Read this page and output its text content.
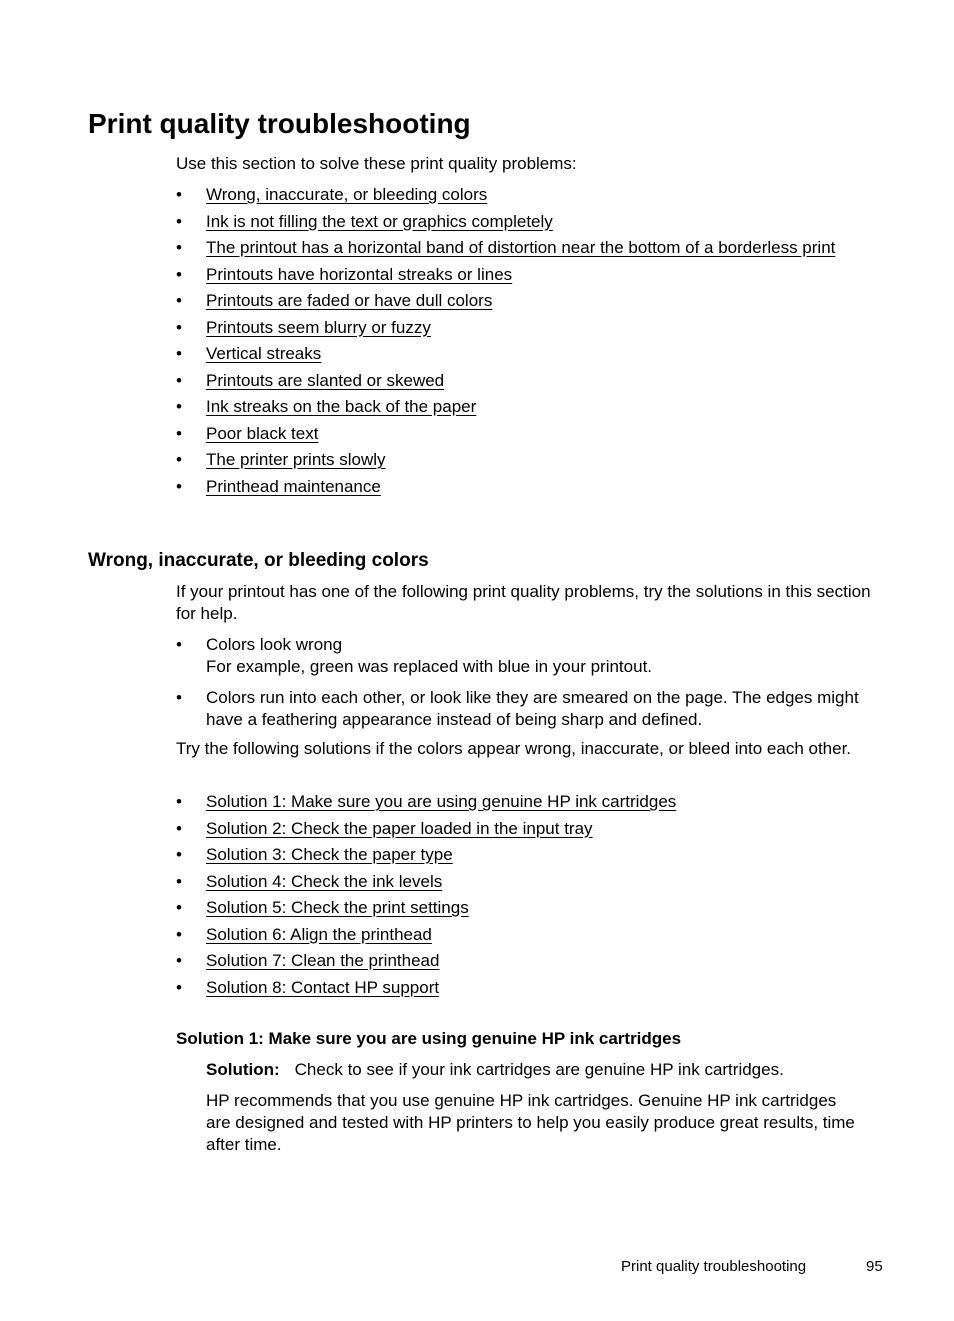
Print quality troubleshooting

Use this section to solve these print quality problems:

• Wrong, inaccurate, or bleeding colors
• Ink is not filling the text or graphics completely
• The printout has a horizontal band of distortion near the bottom of a borderless print
• Printouts have horizontal streaks or lines
• Printouts are faded or have dull colors
• Printouts seem blurry or fuzzy
• Vertical streaks
• Printouts are slanted or skewed
• Ink streaks on the back of the paper
• Poor black text
• The printer prints slowly
• Printhead maintenance
Wrong, inaccurate, or bleeding colors

If your printout has one of the following print quality problems, try the solutions in this section for help.

• Colors look wrong
For example, green was replaced with blue in your printout.
• Colors run into each other, or look like they are smeared on the page. The edges might have a feathering appearance instead of being sharp and defined.

Try the following solutions if the colors appear wrong, inaccurate, or bleed into each other.

• Solution 1: Make sure you are using genuine HP ink cartridges
• Solution 2: Check the paper loaded in the input tray
• Solution 3: Check the paper type
• Solution 4: Check the ink levels
• Solution 5: Check the print settings
• Solution 6: Align the printhead
• Solution 7: Clean the printhead
• Solution 8: Contact HP support
Solution 1: Make sure you are using genuine HP ink cartridges
Solution: Check to see if your ink cartridges are genuine HP ink cartridges.

HP recommends that you use genuine HP ink cartridges. Genuine HP ink cartridges are designed and tested with HP printers to help you easily produce great results, time after time.

Print quality troubleshooting	95
